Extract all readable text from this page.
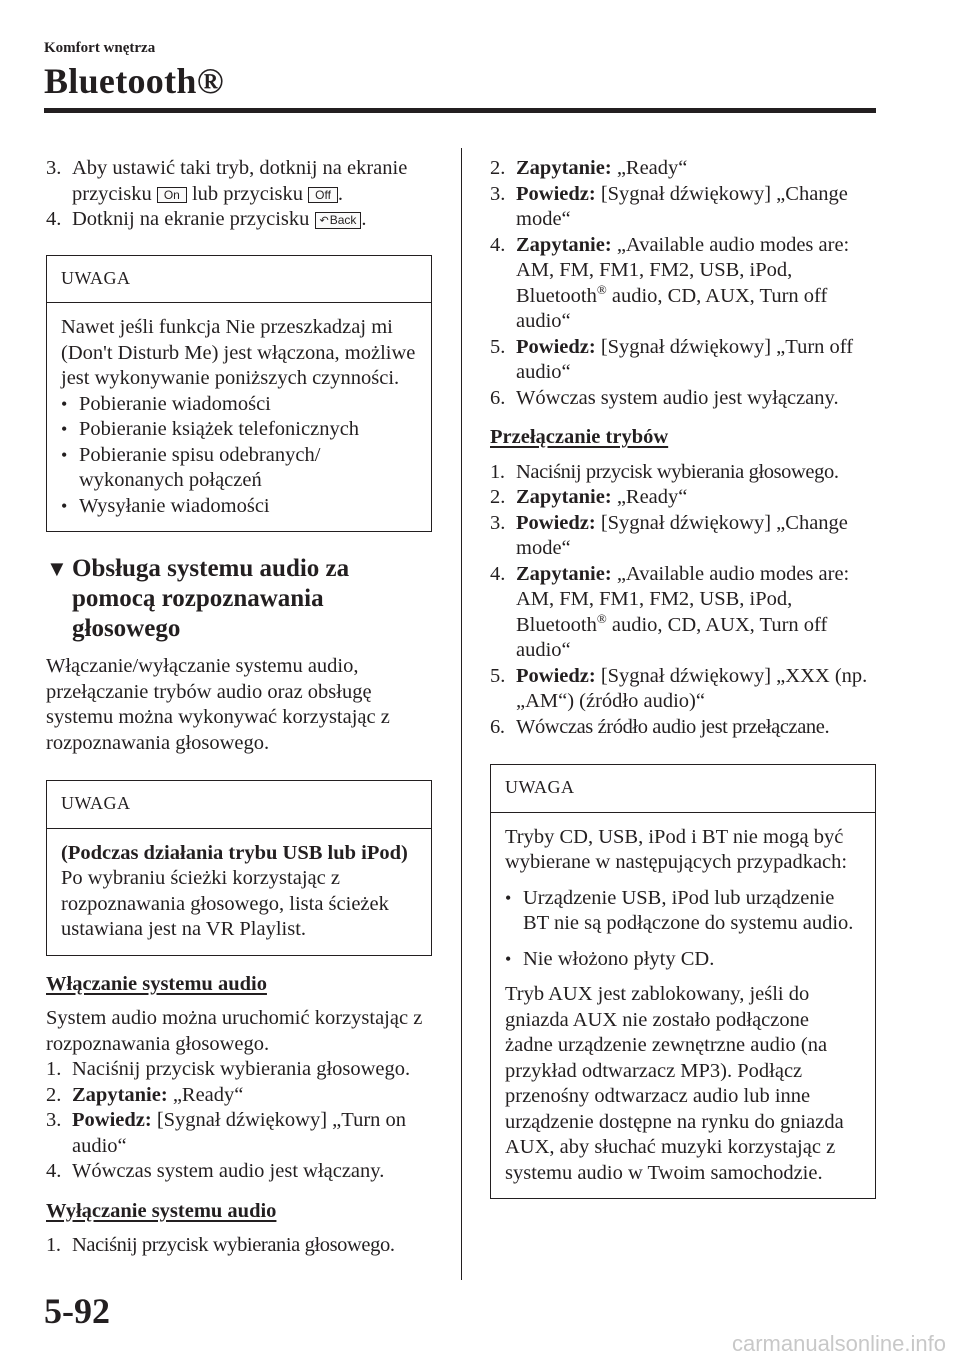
Komfort wnętrza
Bluetooth®
3. Aby ustawić taki tryb, dotknij na ekranie przycisku On lub przycisku Off .
4. Dotknij na ekranie przycisku ↶Back .
UWAGA
Nawet jeśli funkcja Nie przeszkadzaj mi (Don't Disturb Me) jest włączona, możliwe jest wykonywanie poniższych czynności.
• Pobieranie wiadomości
• Pobieranie książek telefonicznych
• Pobieranie spisu odebranych/ wykonanych połączeń
• Wysyłanie wiadomości
▼ Obsługa systemu audio za pomocą rozpoznawania głosowego
Włączanie/wyłączanie systemu audio, przełączanie trybów audio oraz obsługę systemu można wykonywać korzystając z rozpoznawania głosowego.
UWAGA
(Podczas działania trybu USB lub iPod)
Po wybraniu ścieżki korzystając z rozpoznawania głosowego, lista ścieżek ustawiana jest na VR Playlist.
Włączanie systemu audio
System audio można uruchomić korzystając z rozpoznawania głosowego.
1. Naciśnij przycisk wybierania głosowego.
2. Zapytanie: „Ready“
3. Powiedz: [Sygnał dźwiękowy] „Turn on audio“
4. Wówczas system audio jest włączany.
Wyłączanie systemu audio
1. Naciśnij przycisk wybierania głosowego.
2. Zapytanie: „Ready“
3. Powiedz: [Sygnał dźwiękowy] „Change mode“
4. Zapytanie: „Available audio modes are: AM, FM, FM1, FM2, USB, iPod, Bluetooth® audio, CD, AUX, Turn off audio“
5. Powiedz: [Sygnał dźwiękowy] „Turn off audio“
6. Wówczas system audio jest wyłączany.
Przełączanie trybów
1. Naciśnij przycisk wybierania głosowego.
2. Zapytanie: „Ready“
3. Powiedz: [Sygnał dźwiękowy] „Change mode“
4. Zapytanie: „Available audio modes are: AM, FM, FM1, FM2, USB, iPod, Bluetooth® audio, CD, AUX, Turn off audio“
5. Powiedz: [Sygnał dźwiękowy] „XXX (np. „AM“) (źródło audio)“
6. Wówczas źródło audio jest przełączane.
UWAGA
Tryby CD, USB, iPod i BT nie mogą być wybierane w następujących przypadkach:
• Urządzenie USB, iPod lub urządzenie BT nie są podłączone do systemu audio.
• Nie włożono płyty CD.
Tryb AUX jest zablokowany, jeśli do gniazda AUX nie zostało podłączone żadne urządzenie zewnętrzne audio (na przykład odtwarzacz MP3). Podłącz przenośny odtwarzacz audio lub inne urządzenie dostępne na rynku do gniazda AUX, aby słuchać muzyki korzystając z systemu audio w Twoim samochodzie.
5-92
carmanualsonline.info
